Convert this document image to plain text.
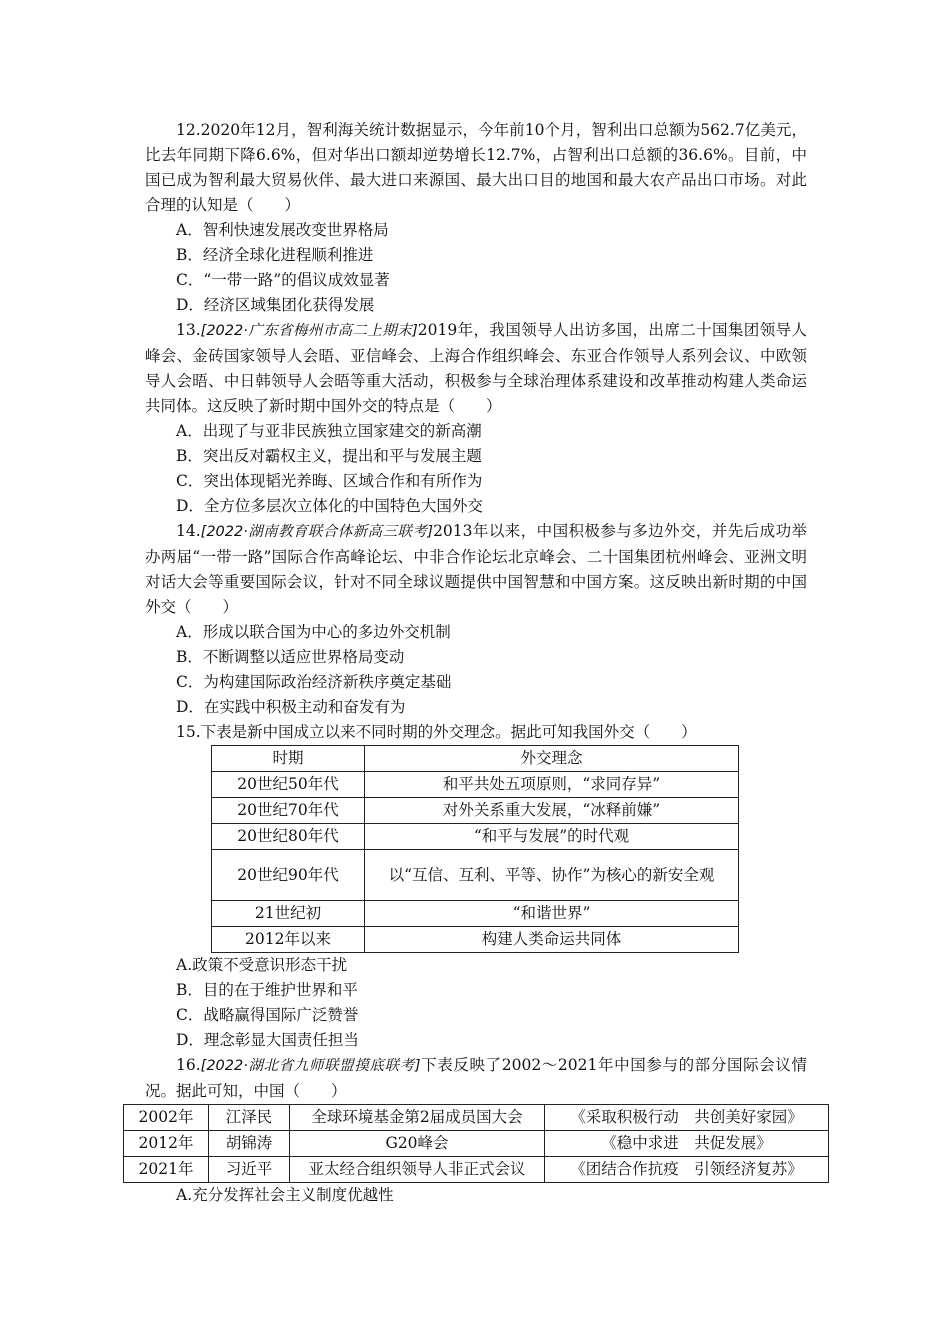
12.2020年12月，智利海关统计数据显示，今年前10个月，智利出口总额为562.7亿美元，比去年同期下降6.6%，但对华出口额却逆势增长12.7%，占智利出口总额的36.6%。目前，中国已成为智利最大贸易伙伴、最大进口来源国、最大出口目的地国和最大农产品出口市场。对此合理的认知是（　　）

A．智利快速发展改变世界格局

B．经济全球化进程顺利推进

C．“一带一路”的倡议成效显著

D．经济区域集团化获得发展

13.[2022·广东省梅州市高二上期末]2019年，我国领导人出访多国，出席二十国集团领导人峰会、金砖国家领导人会晤、亚信峰会、上海合作组织峰会、东亚合作领导人系列会议、中欧领导人会晤、中日韩领导人会晤等重大活动，积极参与全球治理体系建设和改革推动构建人类命运共同体。这反映了新时期中国外交的特点是（　　）

A．出现了与亚非民族独立国家建交的新高潮

B．突出反对霸权主义，提出和平与发展主题

C．突出体现韬光养晦、区域合作和有所作为

D．全方位多层次立体化的中国特色大国外交

14.[2022·湖南教育联合体新高三联考]2013年以来，中国积极参与多边外交，并先后成功举办两届“一带一路”国际合作高峰论坛、中非合作论坛北京峰会、二十国集团杭州峰会、亚洲文明对话大会等重要国际会议，针对不同全球议题提供中国智慧和中国方案。这反映出新时期的中国外交（　　）

A．形成以联合国为中心的多边外交机制

B．不断调整以适应世界格局变动

C．为构建国际政治经济新秩序奠定基础

D．在实践中积极主动和奋发有为

15.下表是新中国成立以来不同时期的外交理念。据此可知我国外交（　　）

时期	外交理念
20世纪50年代	和平共处五项原则，“求同存异”
20世纪70年代	对外关系重大发展，“冰释前嫌”
20世纪80年代	“和平与发展”的时代观
20世纪90年代	以“互信、互利、平等、协作”为核心的新安全观
21世纪初	“和谐世界”
2012年以来	构建人类命运共同体

A.政策不受意识形态干扰

B．目的在于维护世界和平

C．战略赢得国际广泛赞誉

D．理念彰显大国责任担当

16.[2022·湖北省九师联盟摸底联考]下表反映了2002～2021年中国参与的部分国际会议情况。据此可知，中国（　　）

2002年	江泽民	全球环境基金第2届成员国大会	《采取积极行动　共创美好家园》
2012年	胡锦涛	G20峰会	《稳中求进　共促发展》
2021年	习近平	亚太经合组织领导人非正式会议	《团结合作抗疫　引领经济复苏》

A.充分发挥社会主义制度优越性
